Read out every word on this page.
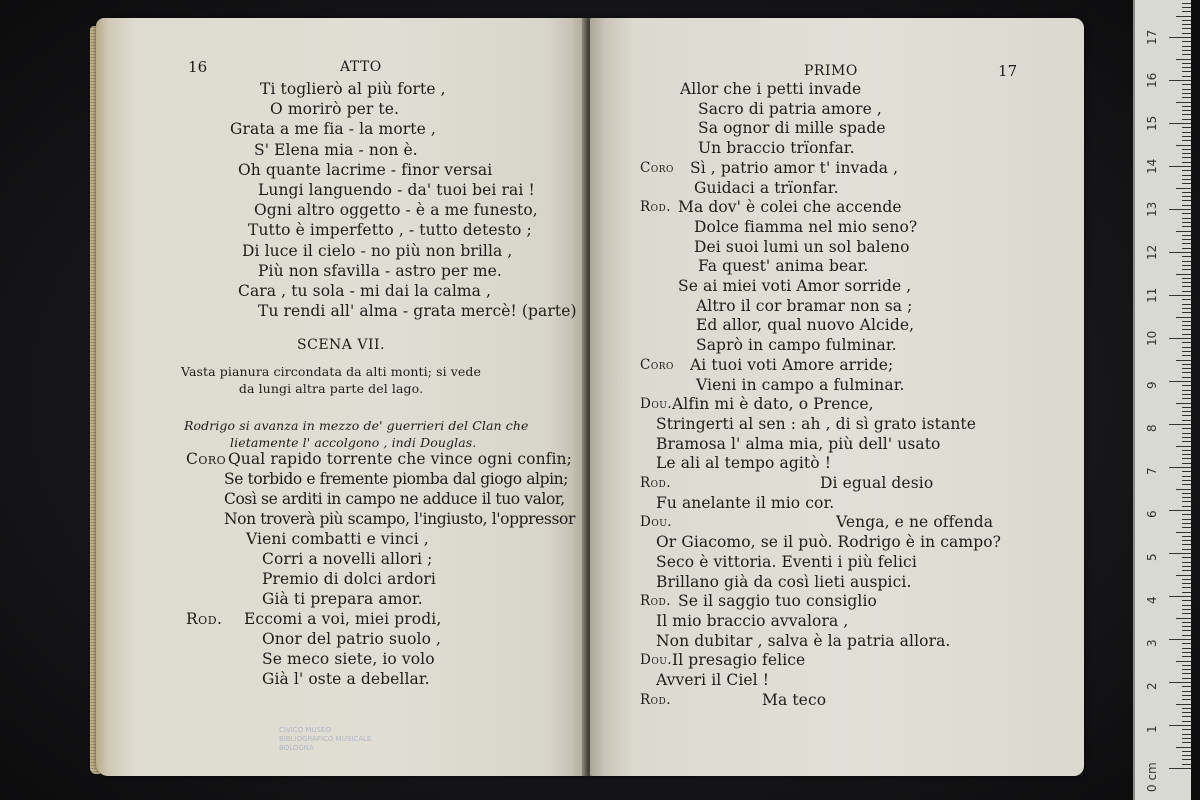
16	ATTO
Ti toglierò al più forte ,
O morirò per te.
Grata a me fia - la morte ,
S' Elena mia - non è.
Oh quante lacrime - finor versai
Lungi languendo - da' tuoi bei rai !
Ogni altro oggetto - è a me funesto,
Tutto è imperfetto , - tutto detesto ;
Di luce il cielo - no più non brilla ,
Più non sfavilla - astro per me.
Cara , tu sola - mi dai la calma ,
Tu rendi all' alma - grata mercè! (parte)
SCENA VII.
Vasta pianura circondata da alti monti; si vede
da lungi altra parte del lago.
Rodrigo si avanza in mezzo de' guerrieri del Clan che
lietamente l' accolgono , indi Douglas.
Coro Qual rapido torrente che vince ogni confin;
Se torbido e fremente piomba dal giogo alpin;
Così se arditi in campo ne adduce il tuo valor,
Non troverà più scampo, l'ingiusto, l'oppressor
Vieni combatti e vinci ,
Corri a novelli allori ;
Premio di dolci ardori
Già ti prepara amor.
Rod. Eccomi a voi, miei prodi,
Onor del patrio suolo ,
Se meco siete, io volo
Già l' oste a debellar.
CIVICO MUSEO
BIBLIOGRAFICO MUSICALE
BOLOGNA
PRIMO	17
Allor che i petti invade
Sacro di patria amore ,
Sa ognor di mille spade
Un braccio trïonfar.
Coro Sì , patrio amor t' invada ,
Guidaci a trïonfar.
Rod. Ma dov' è colei che accende
Dolce fiamma nel mio seno?
Dei suoi lumi un sol baleno
Fa quest' anima bear.
Se ai miei voti Amor sorride ,
Altro il cor bramar non sa ;
Ed allor, qual nuovo Alcide,
Saprò in campo fulminar.
Coro Ai tuoi voti Amore arride;
Vieni in campo a fulminar.
Dou. Alfin mi è dato, o Prence,
Stringerti al sen : ah , di sì grato istante
Bramosa l' alma mia, più dell' usato
Le ali al tempo agitò !
Rod.	Di egual desio
Fu anelante il mio cor.
Dou.	Venga, e ne offenda
Or Giacomo, se il può. Rodrigo è in campo?
Seco è vittoria. Eventi i più felici
Brillano già da così lieti auspici.
Rod. Se il saggio tuo consiglio
Il mio braccio avvalora ,
Non dubitar , salva è la patria allora.
Dou. Il presagio felice
Avveri il Ciel !
Rod.	Ma teco
1
2
3
4
5
6
7
8
9
10
11
12
13
14
15
16
17
0 cm
